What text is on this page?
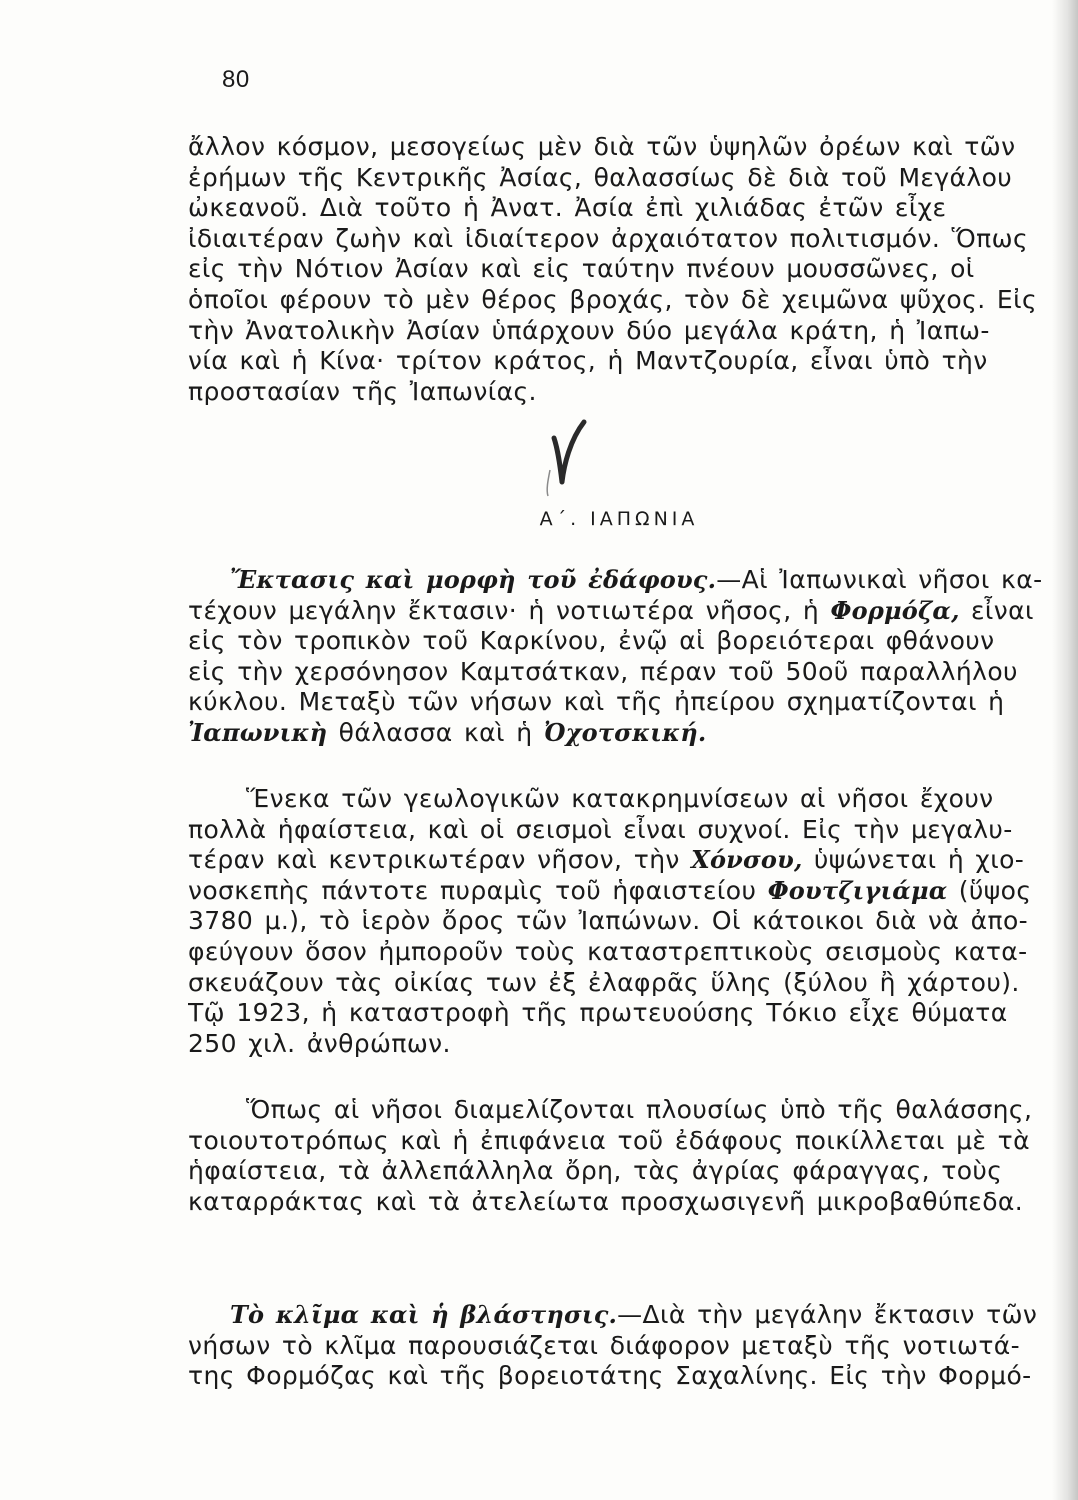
80
ἄλλον κόσμον, μεσογείως μὲν διὰ τῶν ὑψηλῶν ὀρέων καὶ τῶν
ἐρήμων τῆς Κεντρικῆς Ἀσίας, θαλασσίως δὲ διὰ τοῦ Μεγάλου
ὠκεανοῦ. Διὰ τοῦτο ἡ Ἀνατ. Ἀσία ἐπὶ χιλιάδας ἐτῶν εἶχε
ἰδιαιτέραν ζωὴν καὶ ἰδιαίτερον ἀρχαιότατον πολιτισμόν. Ὅπως
εἰς τὴν Νότιον Ἀσίαν καὶ εἰς ταύτην πνέουν μουσσῶνες, οἱ
ὁποῖοι φέρουν τὸ μὲν θέρος βροχάς, τὸν δὲ χειμῶνα ψῦχος. Εἰς
τὴν Ἀνατολικὴν Ἀσίαν ὑπάρχουν δύο μεγάλα κράτη, ἡ Ἰαπω-
νία καὶ ἡ Κίνα· τρίτον κράτος, ἡ Μαντζουρία, εἶναι ὑπὸ τὴν
προστασίαν τῆς Ἰαπωνίας.
Α΄. ΙΑΠΩΝΙΑ
Ἔκτασις καὶ μορφὴ τοῦ ἐδάφους.—Αἱ Ἰαπωνικαὶ νῆσοι κα-
τέχουν μεγάλην ἔκτασιν· ἡ νοτιωτέρα νῆσος, ἡ Φορμόζα, εἶναι
εἰς τὸν τροπικὸν τοῦ Καρκίνου, ἐνῷ αἱ βορειότεραι φθάνουν
εἰς τὴν χερσόνησον Καμτσάτκαν, πέραν τοῦ 50οῦ παραλλήλου
κύκλου. Μεταξὺ τῶν νήσων καὶ τῆς ἠπείρου σχηματίζονται ἡ
Ἰαπωνικὴ θάλασσα καὶ ἡ Ὀχοτσκική.
Ἕνεκα τῶν γεωλογικῶν κατακρημνίσεων αἱ νῆσοι ἔχουν
πολλὰ ἡφαίστεια, καὶ οἱ σεισμοὶ εἶναι συχνοί. Εἰς τὴν μεγαλυ-
τέραν καὶ κεντρικωτέραν νῆσον, τὴν Χόνσου, ὑψώνεται ἡ χιο-
νοσκεπὴς πάντοτε πυραμὶς τοῦ ἡφαιστείου Φουτζιγιάμα (ὕψος
3780 μ.), τὸ ἱερὸν ὄρος τῶν Ἰαπώνων. Οἱ κάτοικοι διὰ νὰ ἀπο-
φεύγουν ὅσον ἠμποροῦν τοὺς καταστρεπτικοὺς σεισμοὺς κατα-
σκευάζουν τὰς οἰκίας των ἐξ ἐλαφρᾶς ὕλης (ξύλου ἢ χάρτου).
Τῷ 1923, ἡ καταστροφὴ τῆς πρωτευούσης Τόκιο εἶχε θύματα
250 χιλ. ἀνθρώπων.
Ὅπως αἱ νῆσοι διαμελίζονται πλουσίως ὑπὸ τῆς θαλάσσης,
τοιουτοτρόπως καὶ ἡ ἐπιφάνεια τοῦ ἐδάφους ποικίλλεται μὲ τὰ
ἡφαίστεια, τὰ ἀλλεπάλληλα ὄρη, τὰς ἀγρίας φάραγγας, τοὺς
καταρράκτας καὶ τὰ ἀτελείωτα προσχωσιγενῆ μικροβαθύπεδα.
Τὸ κλῖμα καὶ ἡ βλάστησις.—Διὰ τὴν μεγάλην ἔκτασιν τῶν
νήσων τὸ κλῖμα παρουσιάζεται διάφορον μεταξὺ τῆς νοτιωτά-
της Φορμόζας καὶ τῆς βορειοτάτης Σαχαλίνης. Εἰς τὴν Φορμό-
